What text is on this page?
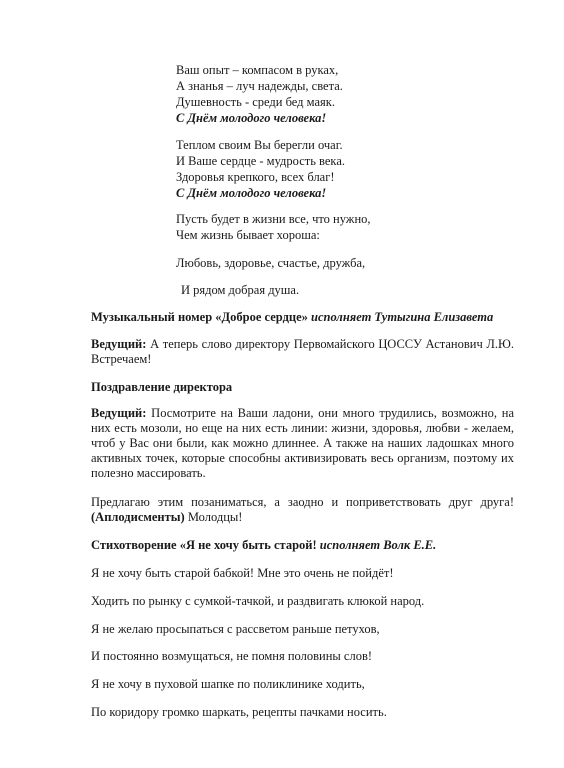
Ваш опыт – компасом в руках,
А знанья – луч надежды, света.
Душевность - среди бед маяк.
С Днём молодого человека!
Теплом своим Вы берегли очаг.
И Ваше сердце - мудрость века.
Здоровья крепкого, всех благ!
С Днём молодого человека!
Пусть будет в жизни все, что нужно,
Чем жизнь бывает хороша:
Любовь, здоровье, счастье, дружба,
И рядом добрая душа.
Музыкальный номер «Доброе сердце» исполняет Тутыгина Елизавета
Ведущий: А теперь слово директору Первомайского ЦОССУ Астанович Л.Ю. Встречаем!
Поздравление директора
Ведущий: Посмотрите на Ваши ладони, они много трудились, возможно, на них есть мозоли, но еще на них есть линии: жизни, здоровья, любви - желаем, чтоб у Вас они были, как можно длиннее. А также на наших ладошках много активных точек, которые способны активизировать весь организм, поэтому их полезно массировать.
Предлагаю этим позаниматься, а заодно и поприветствовать друг друга! (Аплодисменты) Молодцы!
Стихотворение «Я не хочу быть старой! исполняет Волк Е.Е.
Я не хочу быть старой бабкой! Мне это очень не пойдёт!
Ходить по рынку с сумкой-тачкой, и раздвигать клюкой народ.
Я не желаю просыпаться с рассветом раньше петухов,
И постоянно возмущаться, не помня половины слов!
Я не хочу в пуховой шапке по поликлинике ходить,
По коридору громко шаркать, рецепты пачками носить.
